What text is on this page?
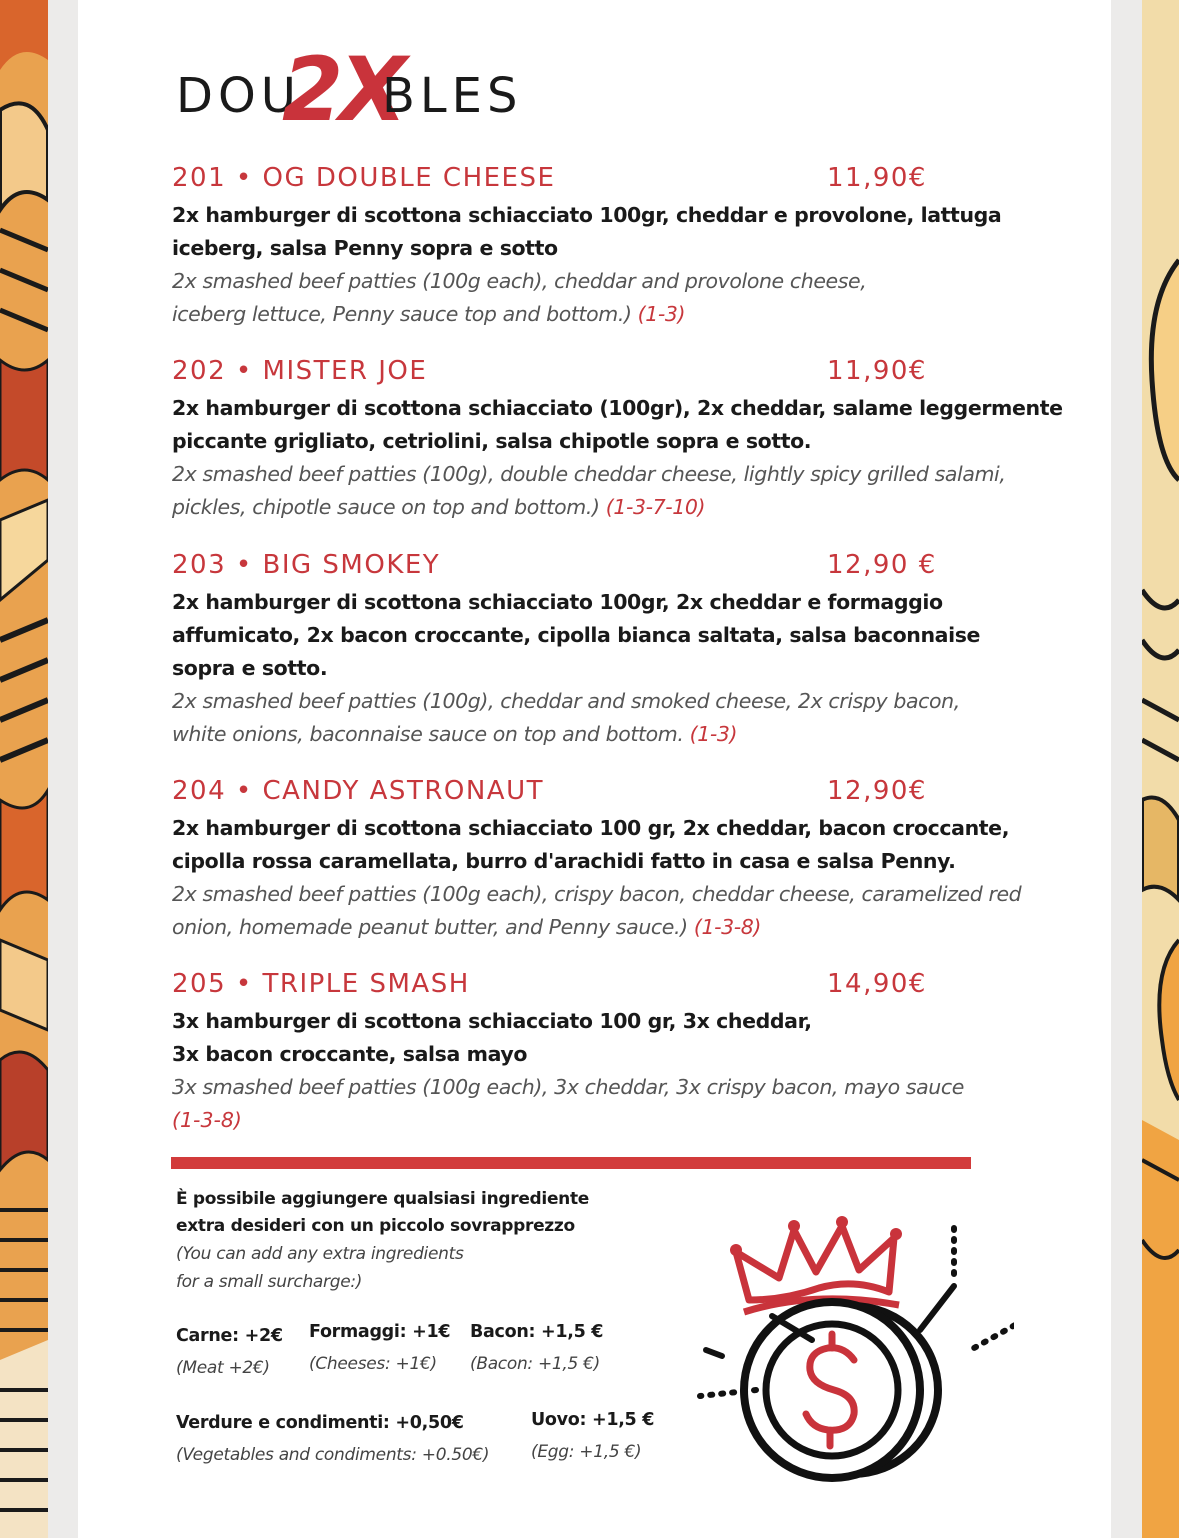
DOU
2X
BLES
201 • OG DOUBLE CHEESE	11,90€
2x hamburger di scottona schiacciato 100gr, cheddar e provolone, lattuga
iceberg, salsa Penny sopra e sotto
2x smashed beef patties (100g each), cheddar and provolone cheese,
iceberg lettuce, Penny sauce top and bottom.) (1-3)
202 • MISTER JOE	11,90€
2x hamburger di scottona schiacciato (100gr), 2x cheddar, salame leggermente
piccante grigliato, cetriolini, salsa chipotle sopra e sotto.
2x smashed beef patties (100g), double cheddar cheese, lightly spicy grilled salami,
pickles, chipotle sauce on top and bottom.) (1-3-7-10)
203 • BIG SMOKEY	12,90 €
2x hamburger di scottona schiacciato 100gr, 2x cheddar e formaggio
affumicato, 2x bacon croccante, cipolla bianca saltata, salsa baconnaise
sopra e sotto.
2x smashed beef patties (100g), cheddar and smoked cheese, 2x crispy bacon,
white onions, baconnaise sauce on top and bottom. (1-3)
204 • CANDY ASTRONAUT	12,90€
2x hamburger di scottona schiacciato 100 gr, 2x cheddar, bacon croccante,
cipolla rossa caramellata, burro d'arachidi fatto in casa e salsa Penny.
2x smashed beef patties (100g each), crispy bacon, cheddar cheese, caramelized red
onion, homemade peanut butter, and Penny sauce.) (1-3-8)
205 • TRIPLE SMASH	14,90€
3x hamburger di scottona schiacciato 100 gr, 3x cheddar,
3x bacon croccante, salsa mayo
3x smashed beef patties (100g each), 3x cheddar, 3x crispy bacon, mayo sauce
(1-3-8)
È possibile aggiungere qualsiasi ingrediente
extra desideri con un piccolo sovrapprezzo
(You can add any extra ingredients
for a small surcharge:)
Carne: +2€
(Meat +2€)
Formaggi: +1€
(Cheeses: +1€)
Bacon: +1,5 €
(Bacon: +1,5 €)
Verdure e condimenti: +0,50€
(Vegetables and condiments: +0.50€)
Uovo: +1,5 €
(Egg: +1,5 €)
